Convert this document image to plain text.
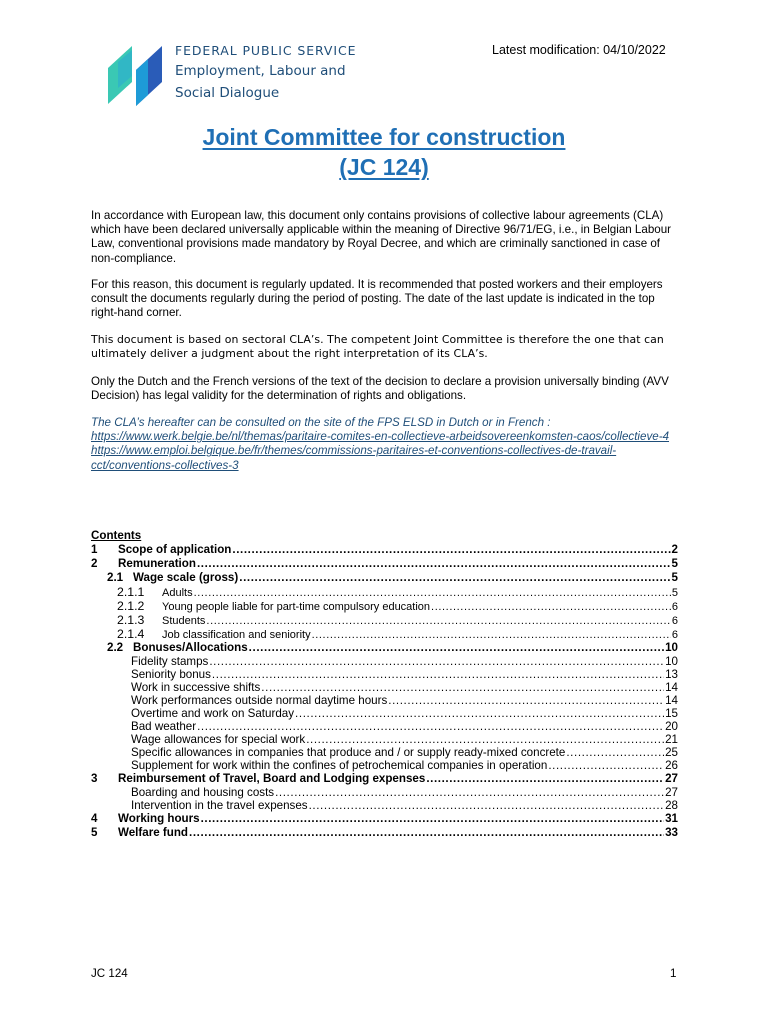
FEDERAL PUBLIC SERVICE
Employment, Labour and
Social Dialogue
Latest modification: 04/10/2022
Joint Committee for construction
(JC 124)

In accordance with European law, this document only contains provisions of collective labour agreements (CLA) which have been declared universally applicable within the meaning of Directive 96/71/EG, i.e., in Belgian Labour Law, conventional provisions made mandatory by Royal Decree, and which are criminally sanctioned in case of non-compliance.

For this reason, this document is regularly updated. It is recommended that posted workers and their employers consult the documents regularly during the period of posting. The date of the last update is indicated in the top right-hand corner.

This document is based on sectoral CLA’s. The competent Joint Committee is therefore the one that can ultimately deliver a judgment about the right interpretation of its CLA’s.

Only the Dutch and the French versions of the text of the decision to declare a provision universally binding (AVV Decision) has legal validity for the determination of rights and obligations.

The CLA’s hereafter can be consulted on the site of the FPS ELSD in Dutch or in French :

https://www.werk.belgie.be/nl/themas/paritaire-comites-en-collectieve-arbeidsovereenkomsten-caos/collectieve-4
https://www.emploi.belgique.be/fr/themes/commissions-paritaires-et-conventions-collectives-de-travail-cct/conventions-collectives-3
Contents
1	Scope of application .....	2
2	Remuneration .....	5
2.1 Wage scale (gross) .....	5
2.1.1	Adults .....	5
2.1.2	Young people liable for part-time compulsory education .....	6
2.1.3	Students .....	6
2.1.4	Job classification and seniority .....	6
2.2 Bonuses/Allocations .....	10
Fidelity stamps .....	10
Seniority bonus .....	13
Work in successive shifts .....	14
Work performances outside normal daytime hours .....	14
Overtime and work on Saturday .....	15
Bad weather .....	20
Wage allowances for special work .....	21
Specific allowances in companies that produce and / or supply ready-mixed concrete .....	25
Supplement for work within the confines of petrochemical companies in operation .....	26
3	Reimbursement of Travel, Board and Lodging expenses .....	27
Boarding and housing costs .....	27
Intervention in the travel expenses .....	28
4	Working hours .....	31
5	Welfare fund .....	33
JC 124	1
